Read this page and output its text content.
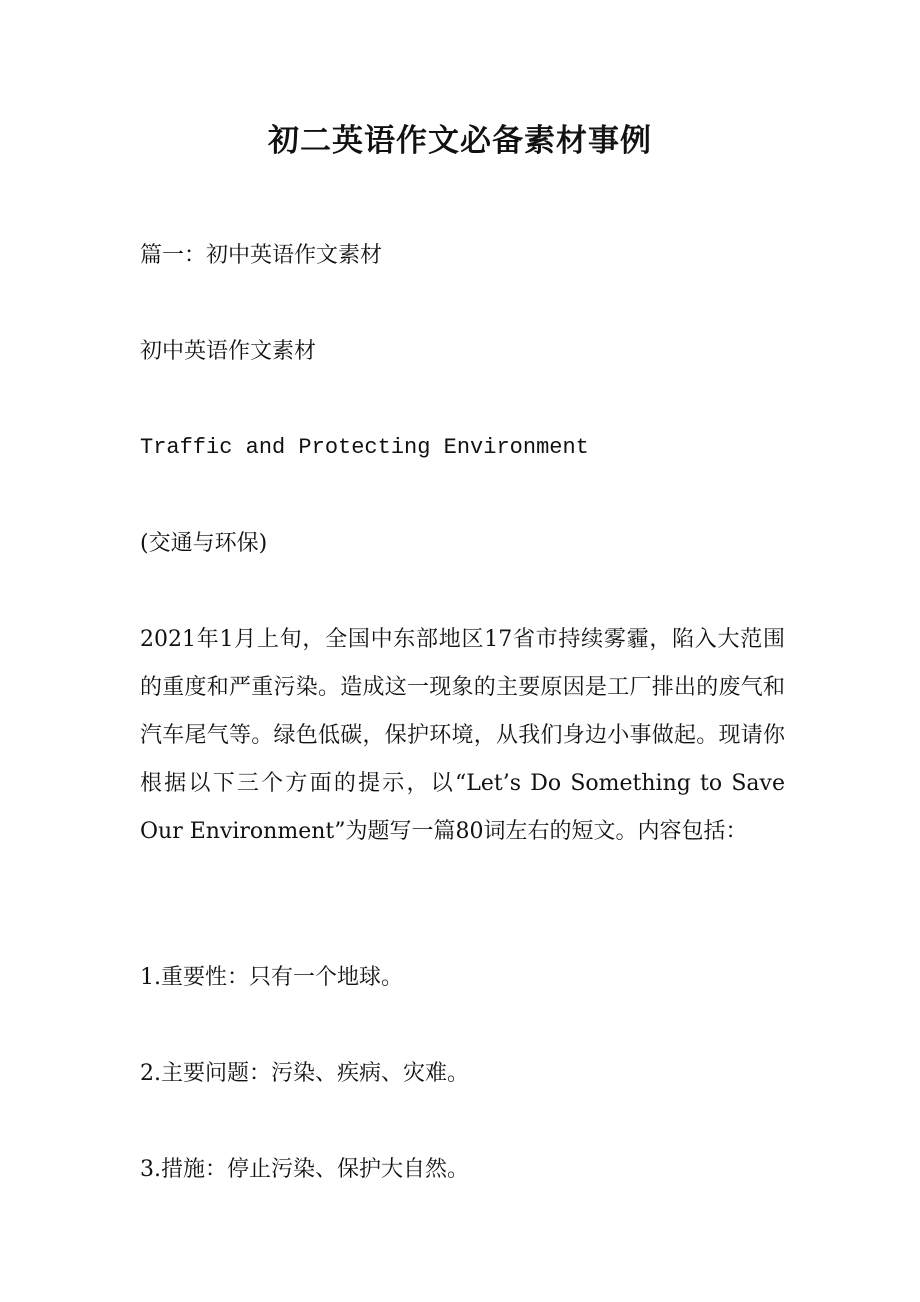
初二英语作文必备素材事例

篇一：初中英语作文素材

初中英语作文素材

Traffic and Protecting Environment

(交通与环保)

2021年1月上旬，全国中东部地区17省市持续雾霾，陷入大范围的重度和严重污染。造成这一现象的主要原因是工厂排出的废气和汽车尾气等。绿色低碳，保护环境，从我们身边小事做起。现请你根据以下三个方面的提示，以“Let’s Do Something to Save Our Environment”为题写一篇80词左右的短文。内容包括：

1.重要性：只有一个地球。

2.主要问题：污染、疾病、灾难。

3.措施：停止污染、保护大自然。
